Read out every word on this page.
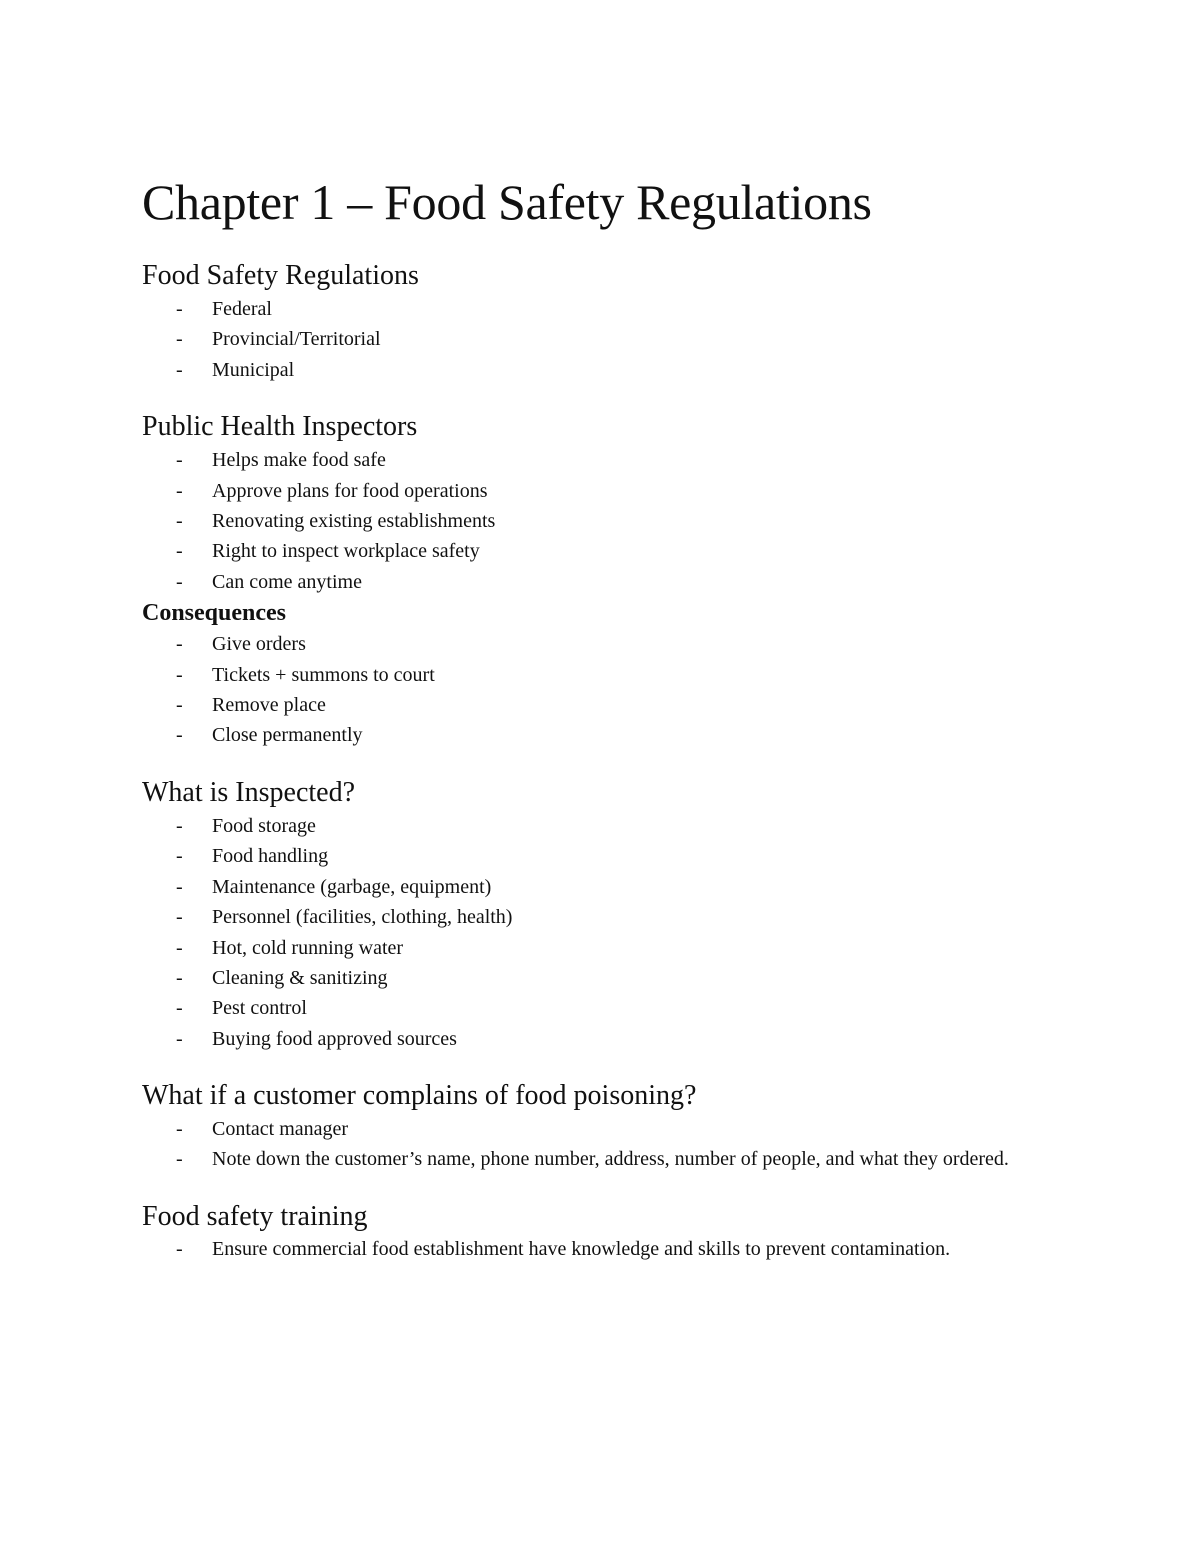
Chapter 1 – Food Safety Regulations
Food Safety Regulations
- Federal
- Provincial/Territorial
- Municipal
Public Health Inspectors
- Helps make food safe
- Approve plans for food operations
- Renovating existing establishments
- Right to inspect workplace safety
- Can come anytime
Consequences
- Give orders
- Tickets + summons to court
- Remove place
- Close permanently
What is Inspected?
- Food storage
- Food handling
- Maintenance (garbage, equipment)
- Personnel (facilities, clothing, health)
- Hot, cold running water
- Cleaning & sanitizing
- Pest control
- Buying food approved sources
What if a customer complains of food poisoning?
- Contact manager
- Note down the customer’s name, phone number, address, number of people, and what they ordered.
Food safety training
- Ensure commercial food establishment have knowledge and skills to prevent contamination.
